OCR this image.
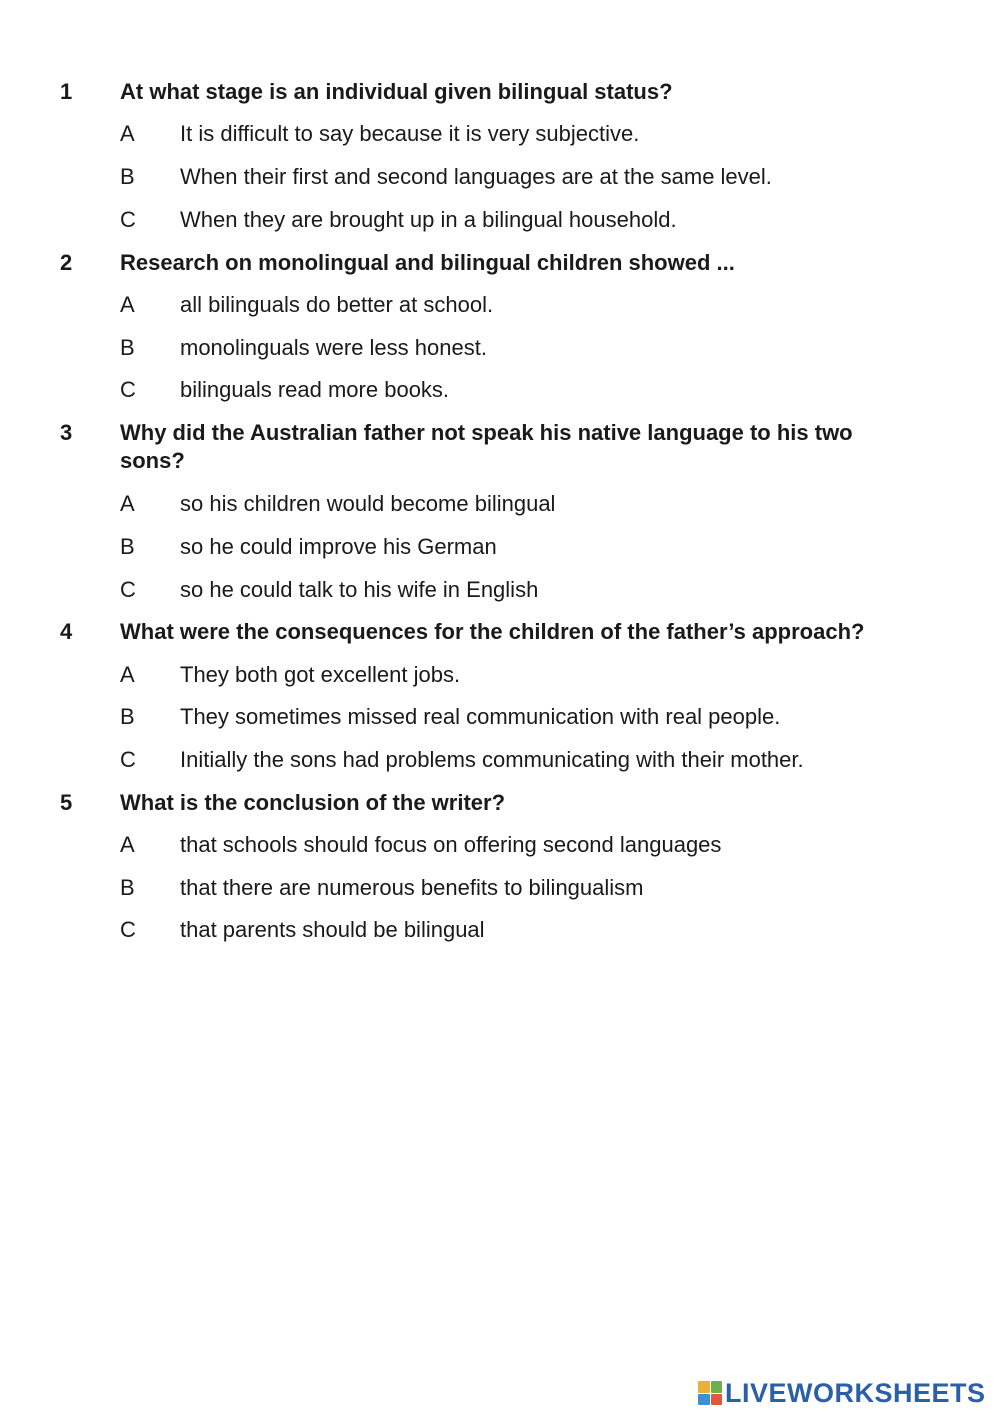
1 At what stage is an individual given bilingual status?
A It is difficult to say because it is very subjective.
B When their first and second languages are at the same level.
C When they are brought up in a bilingual household.
2 Research on monolingual and bilingual children showed ...
A all bilinguals do better at school.
B monolinguals were less honest.
C bilinguals read more books.
3 Why did the Australian father not speak his native language to his two sons?
A so his children would become bilingual
B so he could improve his German
C so he could talk to his wife in English
4 What were the consequences for the children of the father’s approach?
A They both got excellent jobs.
B They sometimes missed real communication with real people.
C Initially the sons had problems communicating with their mother.
5 What is the conclusion of the writer?
A that schools should focus on offering second languages
B that there are numerous benefits to bilingualism
C that parents should be bilingual
LIVEWORKSHEETS
